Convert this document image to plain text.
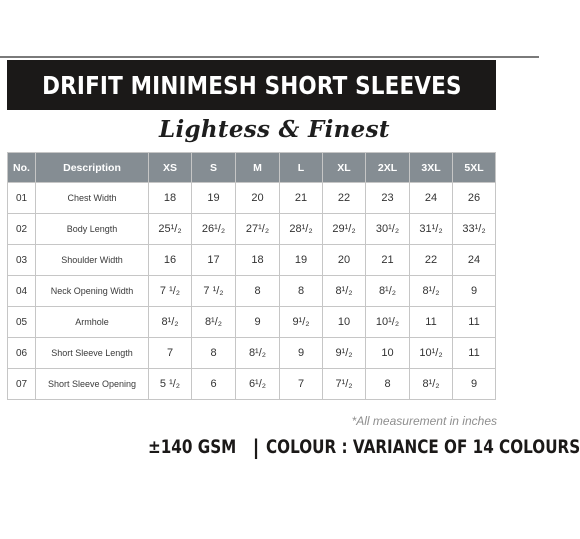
DRIFIT MINIMESH SHORT SLEEVES
Lightess & Finest
No.	Description	XS	S	M	L	XL	2XL	3XL	5XL
01	Chest Width	18	19	20	21	22	23	24	26
02	Body Length	25¹/₂	26¹/₂	27¹/₂	28¹/₂	29¹/₂	30¹/₂	31¹/₂	33¹/₂
03	Shoulder Width	16	17	18	19	20	21	22	24
04	Neck Opening Width	7 ¹/₂	7 ¹/₂	8	8	8¹/₂	8¹/₂	8¹/₂	9
05	Armhole	8¹/₂	8¹/₂	9	9¹/₂	10	10¹/₂	11	11
06	Short Sleeve Length	7	8	8¹/₂	9	9¹/₂	10	10¹/₂	11
07	Short Sleeve Opening	5 ¹/₂	6	6¹/₂	7	7¹/₂	8	8¹/₂	9
*All measurement in inches
±140 GSM | COLOUR : VARIANCE OF 14 COLOURS
